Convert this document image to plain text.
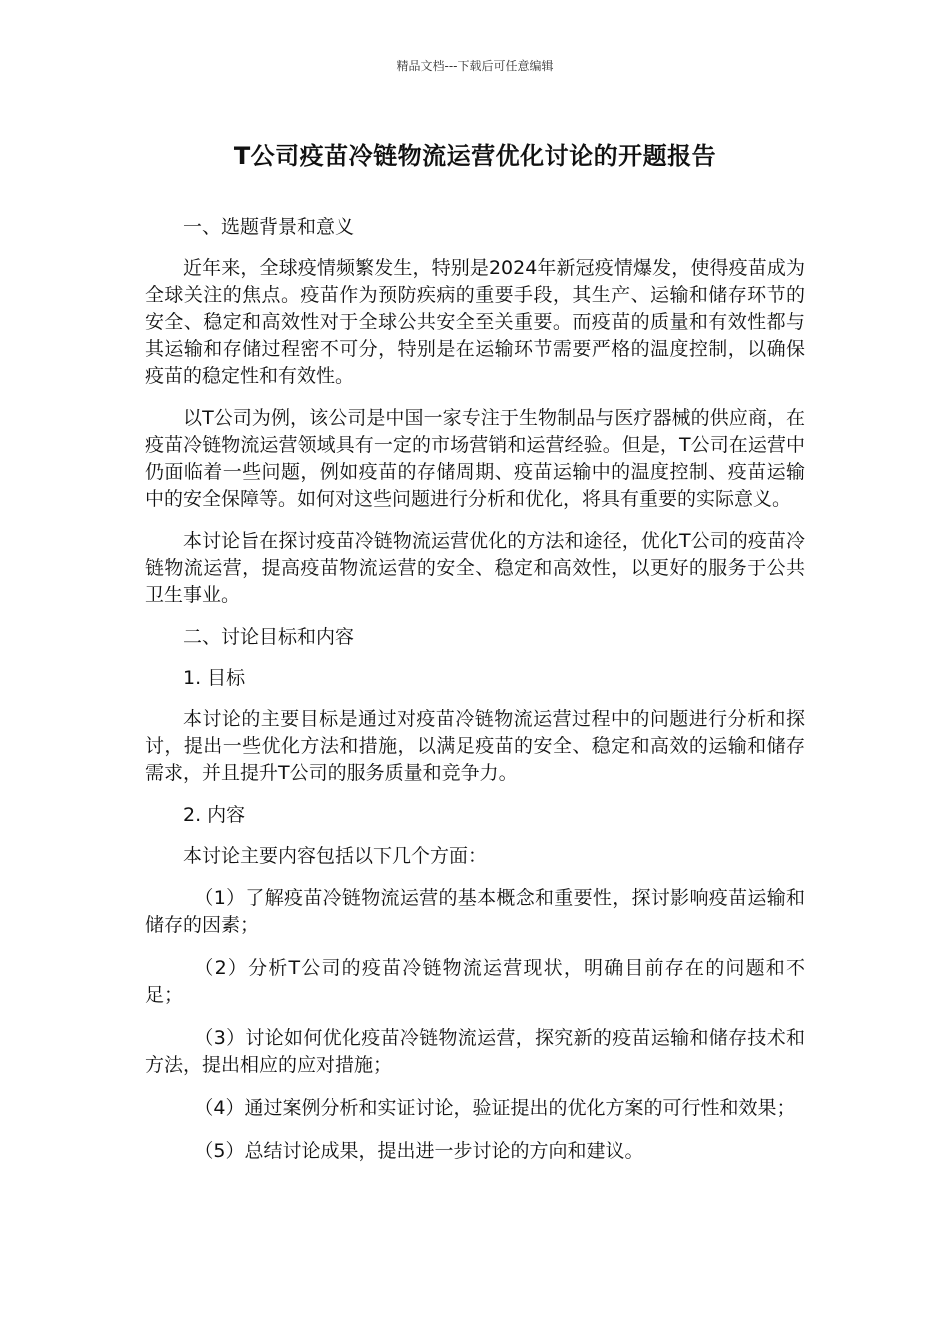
精品文档---下载后可任意编辑
T公司疫苗冷链物流运营优化讨论的开题报告

一、选题背景和意义

近年来，全球疫情频繁发生，特别是2024年新冠疫情爆发，使得疫苗成为全球关注的焦点。疫苗作为预防疾病的重要手段，其生产、运输和储存环节的安全、稳定和高效性对于全球公共安全至关重要。而疫苗的质量和有效性都与其运输和存储过程密不可分，特别是在运输环节需要严格的温度控制，以确保疫苗的稳定性和有效性。

以T公司为例，该公司是中国一家专注于生物制品与医疗器械的供应商，在疫苗冷链物流运营领域具有一定的市场营销和运营经验。但是，T公司在运营中仍面临着一些问题，例如疫苗的存储周期、疫苗运输中的温度控制、疫苗运输中的安全保障等。如何对这些问题进行分析和优化，将具有重要的实际意义。

本讨论旨在探讨疫苗冷链物流运营优化的方法和途径，优化T公司的疫苗冷链物流运营，提高疫苗物流运营的安全、稳定和高效性，以更好的服务于公共卫生事业。

二、讨论目标和内容

1. 目标

本讨论的主要目标是通过对疫苗冷链物流运营过程中的问题进行分析和探讨，提出一些优化方法和措施，以满足疫苗的安全、稳定和高效的运输和储存需求，并且提升T公司的服务质量和竞争力。

2. 内容

本讨论主要内容包括以下几个方面：

（1）了解疫苗冷链物流运营的基本概念和重要性，探讨影响疫苗运输和储存的因素；

（2）分析T公司的疫苗冷链物流运营现状，明确目前存在的问题和不足；

（3）讨论如何优化疫苗冷链物流运营，探究新的疫苗运输和储存技术和方法，提出相应的应对措施；

（4）通过案例分析和实证讨论，验证提出的优化方案的可行性和效果；

（5）总结讨论成果，提出进一步讨论的方向和建议。
